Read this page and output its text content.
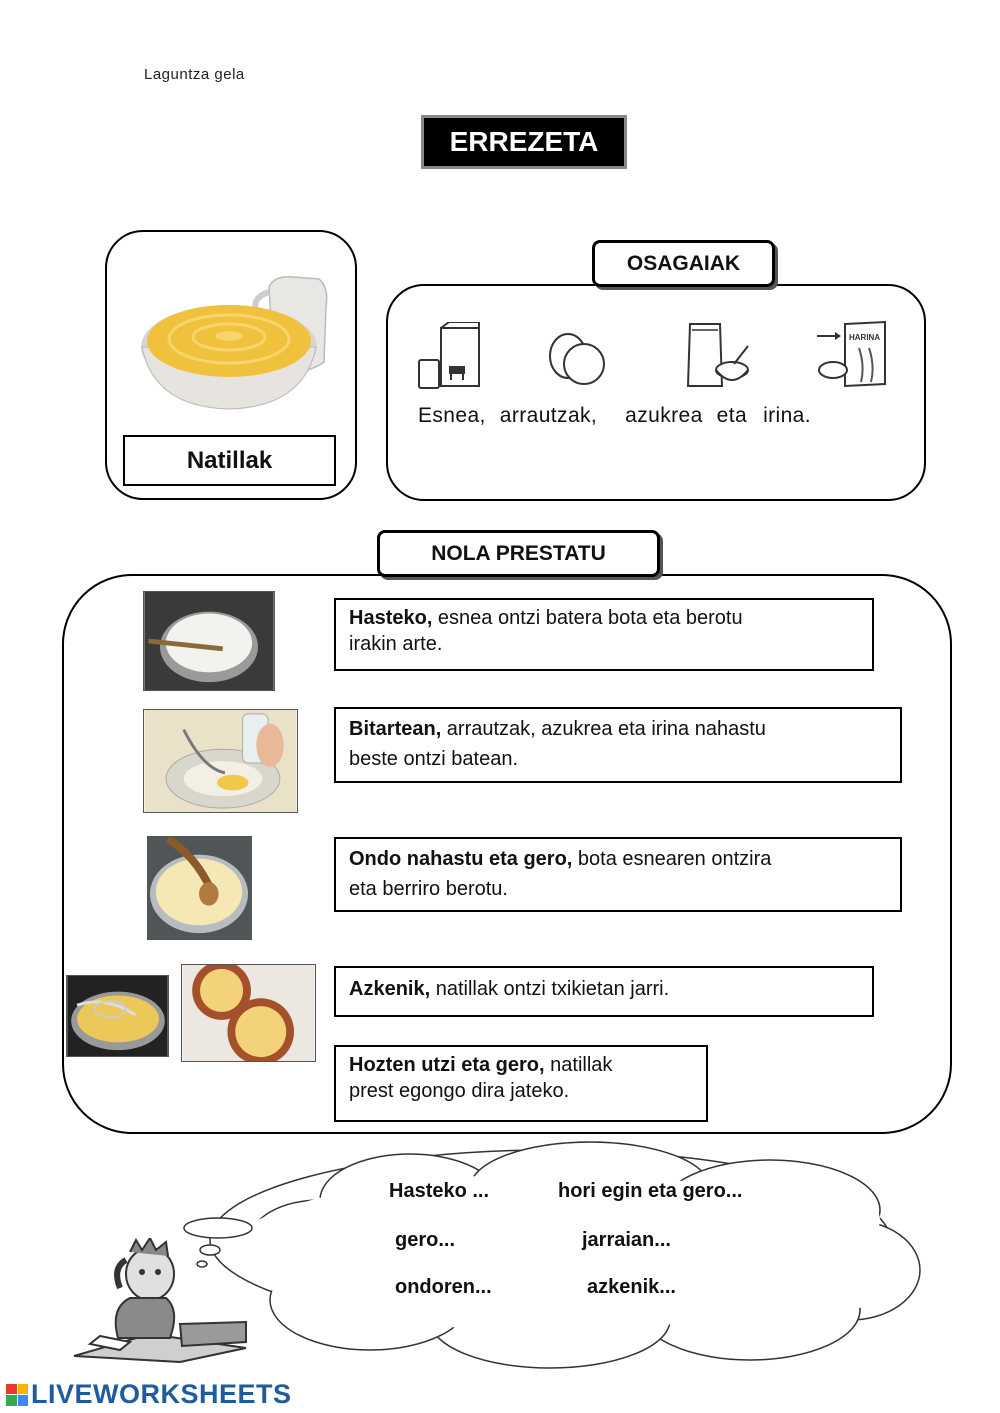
Laguntza gela
ERREZETA
Natillak
OSAGAIAK
HARINA
Esnea, arrautzak, azukrea eta irina.
NOLA PRESTATU
Hasteko, esnea ontzi batera bota eta berotu
irakin arte.
Bitartean, arrautzak, azukrea eta irina nahastu
beste ontzi batean.
Ondo nahastu eta gero, bota esnearen ontzira
eta berriro berotu.
Azkenik, natillak ontzi txikietan jarri.
Hozten utzi eta gero, natillak
prest egongo dira jateko.
Hasteko ...	hori egin eta gero...
gero...	jarraian...
ondoren...	azkenik...
LIVEWORKSHEETS
